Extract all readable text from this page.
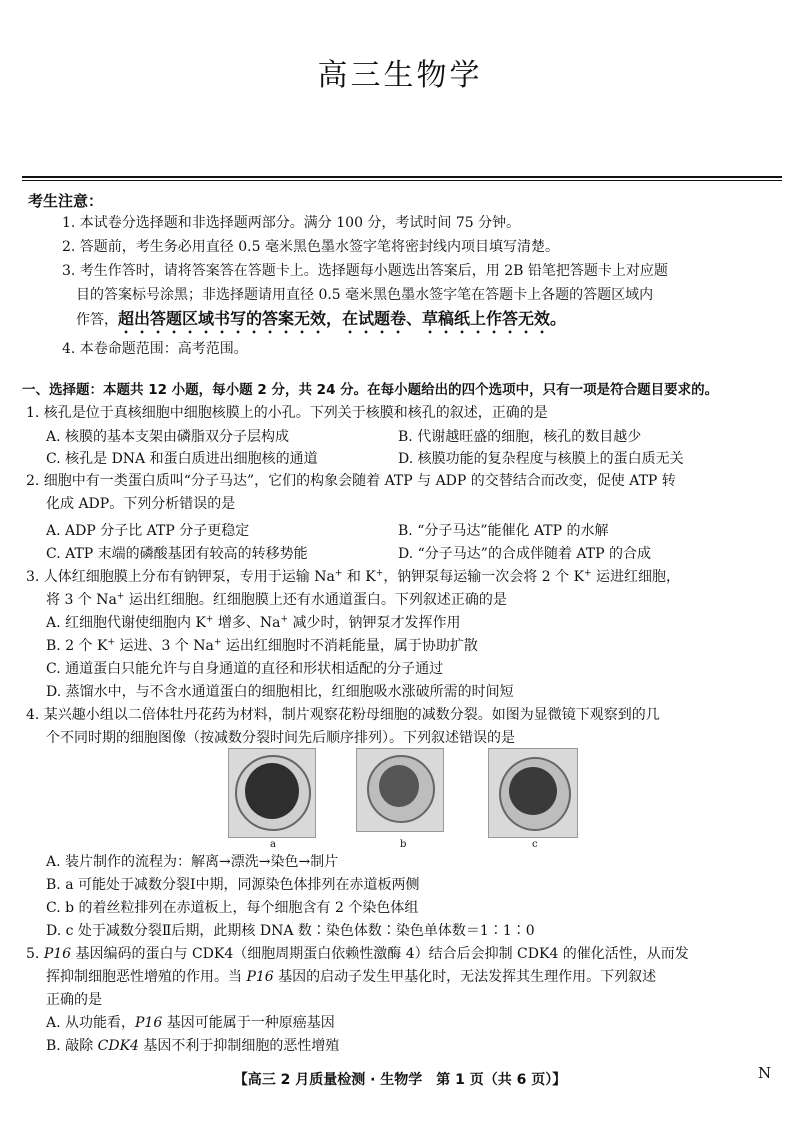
高三生物学
考生注意：
1. 本试卷分选择题和非选择题两部分。满分 100 分，考试时间 75 分钟。
2. 答题前，考生务必用直径 0.5 毫米黑色墨水签字笔将密封线内项目填写清楚。
3. 考生作答时，请将答案答在答题卡上。选择题每小题选出答案后，用 2B 铅笔把答题卡上对应题
目的答案标号涂黑；非选择题请用直径 0.5 毫米黑色墨水签字笔在答题卡上各题的答题区域内
作答，超出答题区域书写的答案无效，在试题卷、草稿纸上作答无效。
4. 本卷命题范围：高考范围。
一、选择题：本题共 12 小题，每小题 2 分，共 24 分。在每小题给出的四个选项中，只有一项是符合题目要求的。
1. 核孔是位于真核细胞中细胞核膜上的小孔。下列关于核膜和核孔的叙述，正确的是
A. 核膜的基本支架由磷脂双分子层构成	B. 代谢越旺盛的细胞，核孔的数目越少
C. 核孔是 DNA 和蛋白质进出细胞核的通道	D. 核膜功能的复杂程度与核膜上的蛋白质无关
2. 细胞中有一类蛋白质叫“分子马达”，它们的构象会随着 ATP 与 ADP 的交替结合而改变，促使 ATP 转
化成 ADP。下列分析错误的是
A. ADP 分子比 ATP 分子更稳定	B. “分子马达”能催化 ATP 的水解
C. ATP 末端的磷酸基团有较高的转移势能	D. “分子马达”的合成伴随着 ATP 的合成
3. 人体红细胞膜上分布有钠钾泵，专用于运输 Na+ 和 K+，钠钾泵每运输一次会将 2 个 K+ 运进红细胞，
将 3 个 Na+ 运出红细胞。红细胞膜上还有水通道蛋白。下列叙述正确的是
A. 红细胞代谢使细胞内 K+ 增多、Na+ 减少时，钠钾泵才发挥作用
B. 2 个 K+ 运进、3 个 Na+ 运出红细胞时不消耗能量，属于协助扩散
C. 通道蛋白只能允许与自身通道的直径和形状相适配的分子通过
D. 蒸馏水中，与不含水通道蛋白的细胞相比，红细胞吸水涨破所需的时间短
4. 某兴趣小组以二倍体牡丹花药为材料，制片观察花粉母细胞的减数分裂。如图为显微镜下观察到的几
个不同时期的细胞图像（按减数分裂时间先后顺序排列）。下列叙述错误的是
a	b	c
A. 装片制作的流程为：解离→漂洗→染色→制片
B. a 可能处于减数分裂Ⅰ中期，同源染色体排列在赤道板两侧
C. b 的着丝粒排列在赤道板上，每个细胞含有 2 个染色体组
D. c 处于减数分裂Ⅱ后期，此期核 DNA 数∶染色体数∶染色单体数＝1∶1∶0
5. P16 基因编码的蛋白与 CDK4（细胞周期蛋白依赖性激酶 4）结合后会抑制 CDK4 的催化活性，从而发
挥抑制细胞恶性增殖的作用。当 P16 基因的启动子发生甲基化时，无法发挥其生理作用。下列叙述
正确的是
A. 从功能看，P16 基因可能属于一种原癌基因
B. 敲除 CDK4 基因不利于抑制细胞的恶性增殖
【高三 2 月质量检测 · 生物学　第 1 页（共 6 页）】	N
